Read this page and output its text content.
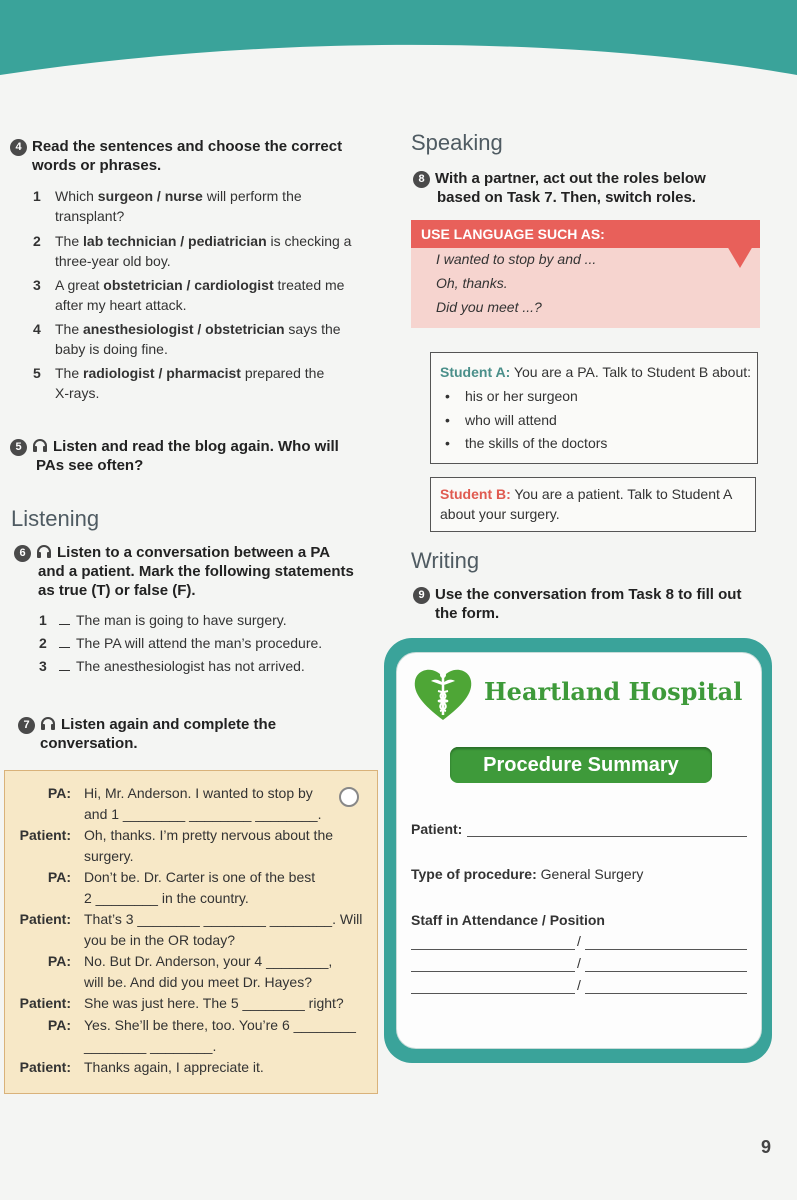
4 Read the sentences and choose the correct
words or phrases.
1 Which surgeon / nurse will perform the
transplant?
2 The lab technician / pediatrician is checking a
three-year old boy.
3 A great obstetrician / cardiologist treated me
after my heart attack.
4 The anesthesiologist / obstetrician says the
baby is doing fine.
5 The radiologist / pharmacist prepared the
X-rays.
5 Listen and read the blog again. Who will
PAs see often?
Listening
6 Listen to a conversation between a PA
and a patient. Mark the following statements
as true (T) or false (F).
1	The man is going to have surgery.
2	The PA will attend the man’s procedure.
3	The anesthesiologist has not arrived.
7 Listen again and complete the
conversation.
PA: Hi, Mr. Anderson. I wanted to stop by
and 1 ________ ________ ________.
Patient: Oh, thanks. I’m pretty nervous about the
surgery.
PA: Don’t be. Dr. Carter is one of the best
2 ________ in the country.
Patient: That’s 3 ________ ________ ________. Will
you be in the OR today?
PA: No. But Dr. Anderson, your 4 ________,
will be. And did you meet Dr. Hayes?
Patient: She was just here. The 5 ________ right?
PA: Yes. She’ll be there, too. You’re 6 ________
________ ________.
Patient: Thanks again, I appreciate it.
Speaking
8 With a partner, act out the roles below
based on Task 7. Then, switch roles.
USE LANGUAGE SUCH AS:
I wanted to stop by and ...
Oh, thanks.
Did you meet ...?
Student A: You are a PA. Talk to Student B about:
• his or her surgeon
• who will attend
• the skills of the doctors
Student B: You are a patient. Talk to Student A
about your surgery.
Writing
9 Use the conversation from Task 8 to fill out
the form.
Heartland Hospital
Procedure Summary
Patient:
Type of procedure: General Surgery
Staff in Attendance / Position
/
/
/
9
